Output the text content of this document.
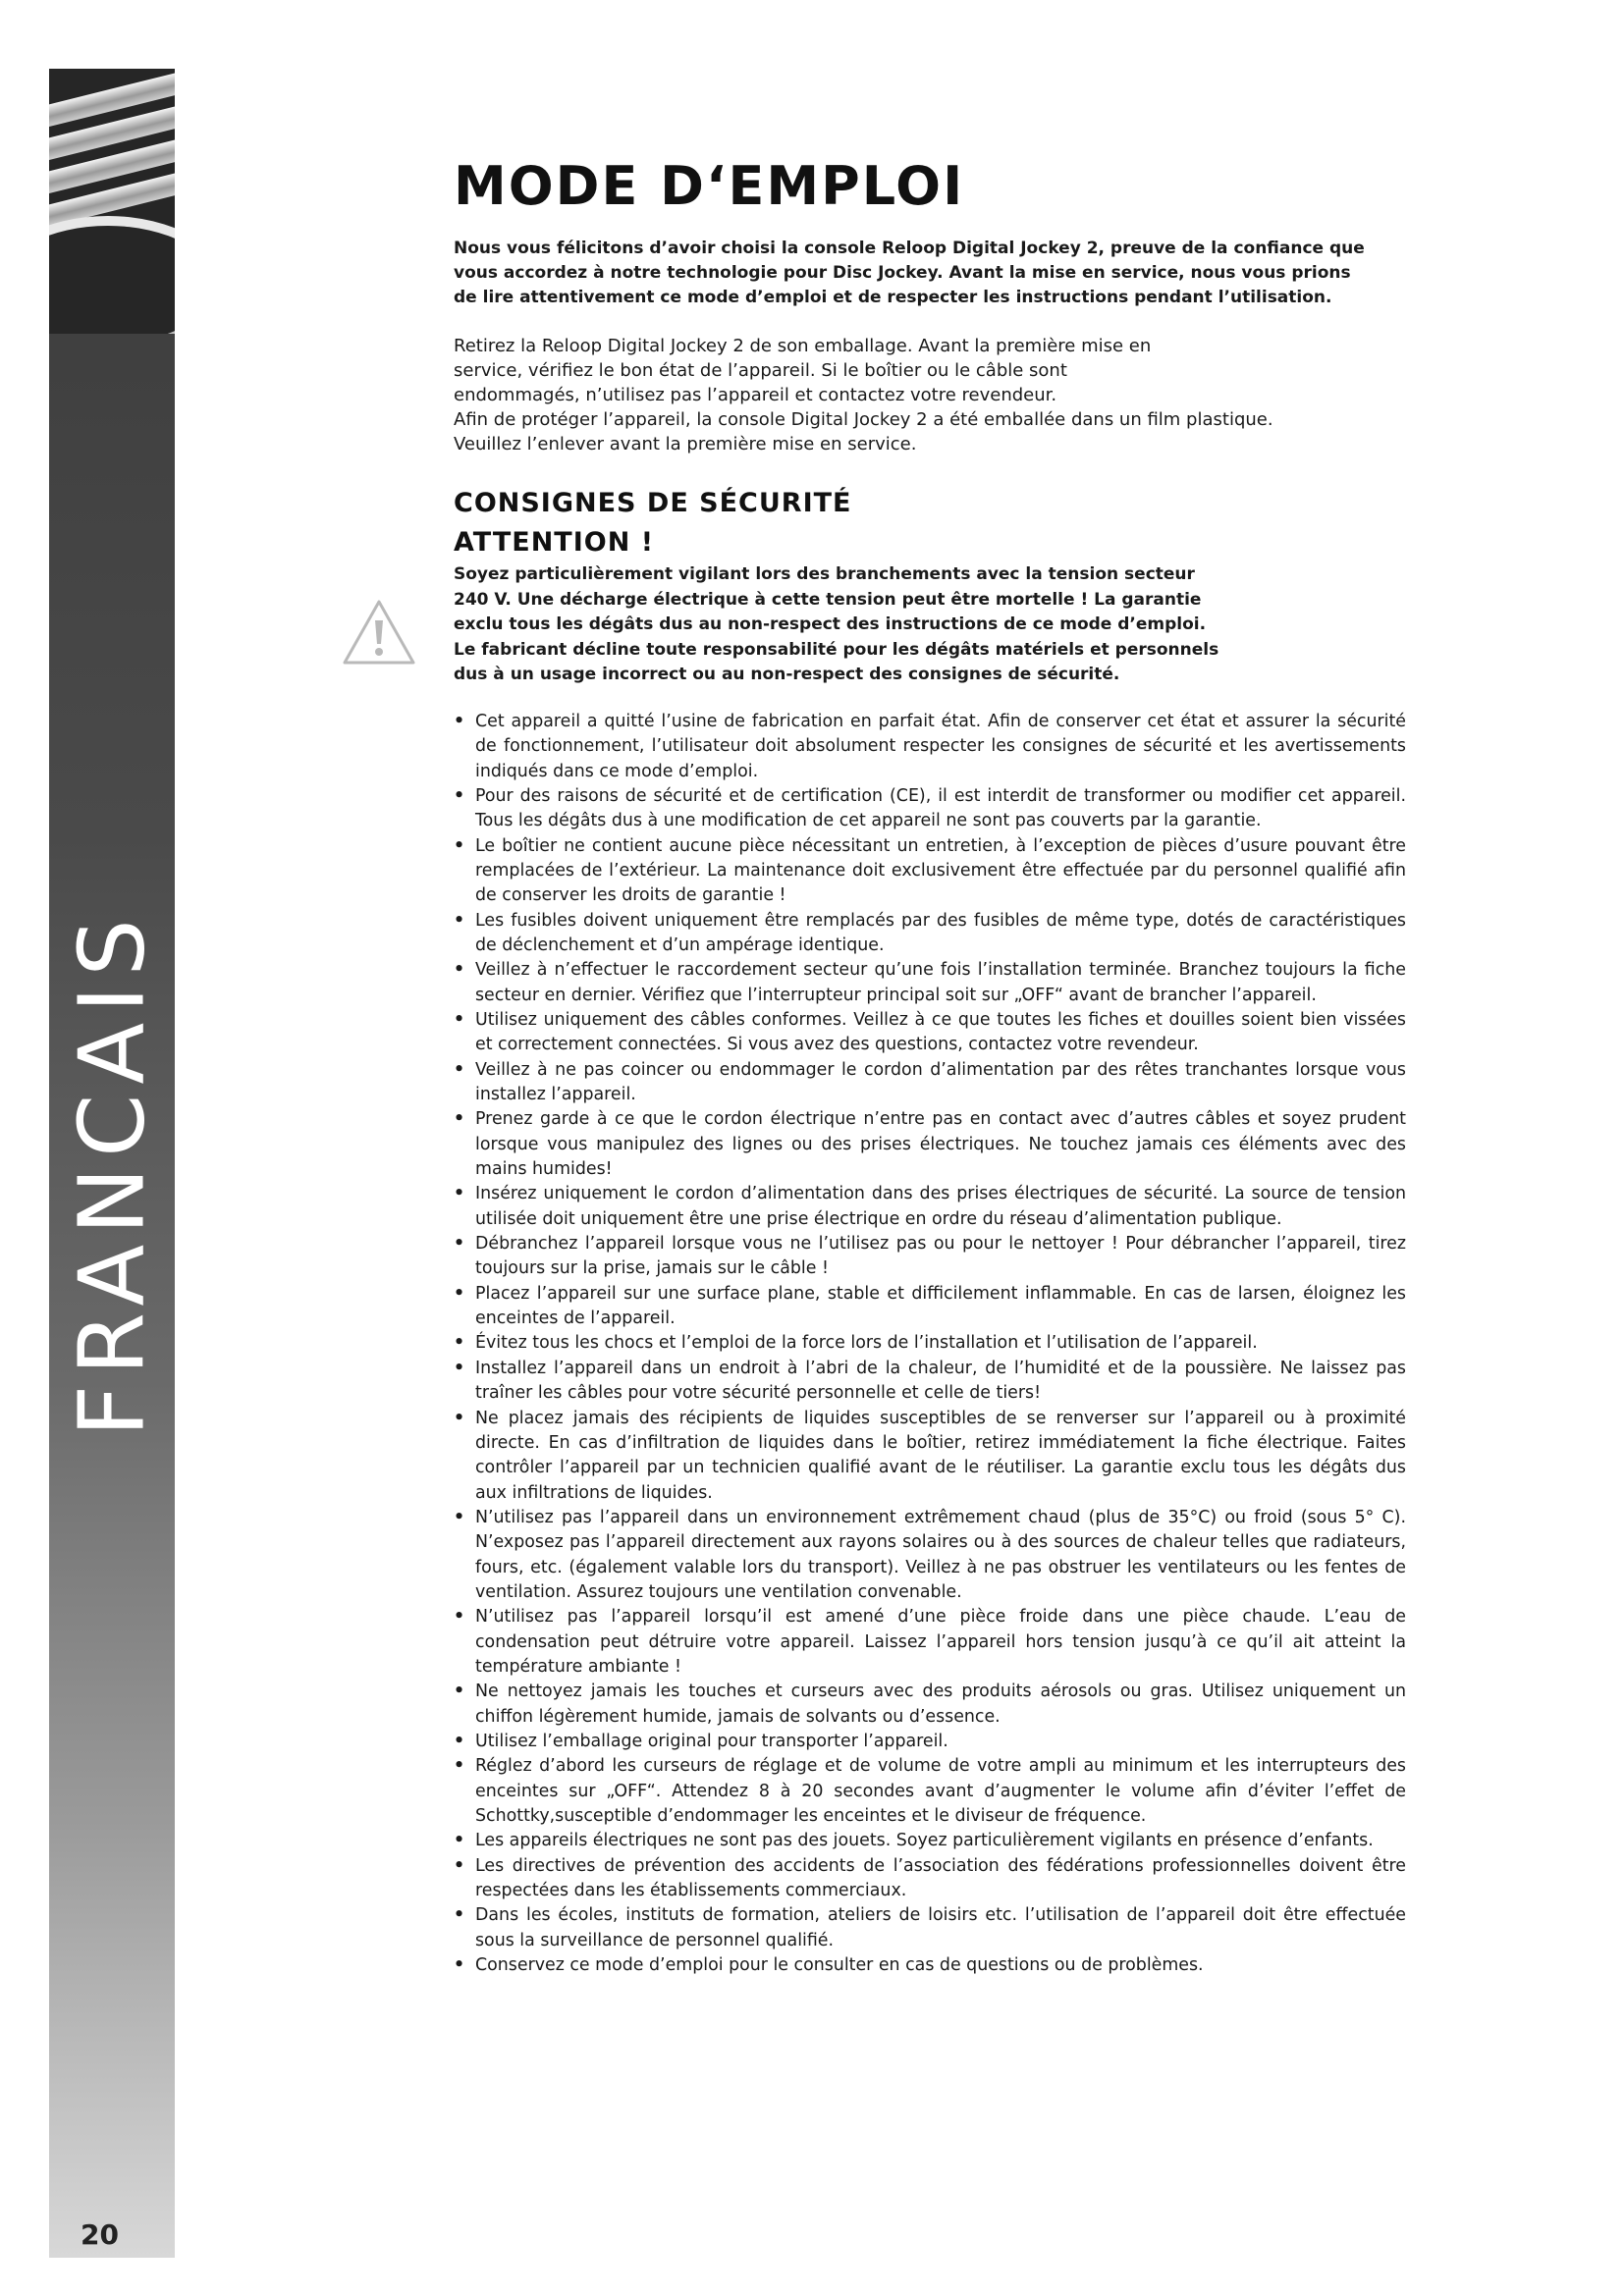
FRANCAIS
20
MODE D‘EMPLOI

Nous vous félicitons d’avoir choisi la console Reloop Digital Jockey 2, preuve de la confiance que vous accordez à notre technologie pour Disc Jockey. Avant la mise en service, nous vous prions de lire attentivement ce mode d’emploi et de respecter les instructions pendant l’utilisation.

Retirez la Reloop Digital Jockey 2 de son emballage. Avant la première mise en
service, vérifiez le bon état de l’appareil. Si le boîtier ou le câble sont
endommagés, n’utilisez pas l’appareil et contactez votre revendeur.
Afin de protéger l’appareil, la console Digital Jockey 2 a été emballée dans un film plastique.
Veuillez l’enlever avant la première mise en service.

CONSIGNES DE SÉCURITÉ
ATTENTION !

Soyez particulièrement vigilant lors des branchements avec la tension secteur 240 V. Une décharge électrique à cette tension peut être mortelle ! La garantie exclu tous les dégâts dus au non-respect des instructions de ce mode d’emploi. Le fabricant décline toute responsabilité pour les dégâts matériels et personnels dus à un usage incorrect ou au non-respect des consignes de sécurité.

• Cet appareil a quitté l’usine de fabrication en parfait état. Afin de conserver cet état et assurer la sécurité de fonctionnement, l’utilisateur doit absolument respecter les consignes de sécurité et les avertissements indiqués dans ce mode d’emploi.
• Pour des raisons de sécurité et de certification (CE), il est interdit de transformer ou modifier cet appareil. Tous les dégâts dus à une modification de cet appareil ne sont pas couverts par la garantie.
• Le boîtier ne contient aucune pièce nécessitant un entretien, à l’exception de pièces d’usure pouvant être remplacées de l’extérieur. La maintenance doit exclusivement être effectuée par du personnel qualifié afin de conserver les droits de garantie !
• Les fusibles doivent uniquement être remplacés par des fusibles de même type, dotés de caractéristiques de déclenchement et d’un ampérage identique.
• Veillez à n’effectuer le raccordement secteur qu’une fois l’installation terminée. Branchez toujours la fiche secteur en dernier. Vérifiez que l’interrupteur principal soit sur „OFF“ avant de brancher l’appareil.
• Utilisez uniquement des câbles conformes. Veillez à ce que toutes les fiches et douilles soient bien vissées et correctement connectées. Si vous avez des questions, contactez votre revendeur.
• Veillez à ne pas coincer ou endommager le cordon d’alimentation par des rêtes tranchantes lorsque vous installez l’appareil.
• Prenez garde à ce que le cordon électrique n’entre pas en contact avec d’autres câbles et soyez prudent lorsque vous manipulez des lignes ou des prises électriques. Ne touchez jamais ces éléments avec des mains humides!
• Insérez uniquement le cordon d’alimentation dans des prises électriques de sécurité. La source de tension utilisée doit uniquement être une prise électrique en ordre du réseau d’alimentation publique.
• Débranchez l’appareil lorsque vous ne l’utilisez pas ou pour le nettoyer ! Pour débrancher l’appareil, tirez toujours sur la prise, jamais sur le câble !
• Placez l’appareil sur une surface plane, stable et difficilement inflammable. En cas de larsen, éloignez les enceintes de l’appareil.
• Évitez tous les chocs et l’emploi de la force lors de l’installation et l’utilisation de l’appareil.
• Installez l’appareil dans un endroit à l’abri de la chaleur, de l’humidité et de la poussière. Ne laissez pas traîner les câbles pour votre sécurité personnelle et celle de tiers!
• Ne placez jamais des récipients de liquides susceptibles de se renverser sur l’appareil ou à proximité directe. En cas d’infiltration de liquides dans le boîtier, retirez immédiatement la fiche électrique. Faites contrôler l’appareil par un technicien qualifié avant de le réutiliser. La garantie exclu tous les dégâts dus aux infiltrations de liquides.
• N’utilisez pas l’appareil dans un environnement extrêmement chaud (plus de 35°C) ou froid (sous 5° C). N’exposez pas l’appareil directement aux rayons solaires ou à des sources de chaleur telles que radiateurs, fours, etc. (également valable lors du transport). Veillez à ne pas obstruer les ventilateurs ou les fentes de ventilation. Assurez toujours une ventilation convenable.
• N’utilisez pas l’appareil lorsqu’il est amené d’une pièce froide dans une pièce chaude. L’eau de condensation peut détruire votre appareil. Laissez l’appareil hors tension jusqu’à ce qu’il ait atteint la température ambiante !
• Ne nettoyez jamais les touches et curseurs avec des produits aérosols ou gras. Utilisez uniquement un chiffon légèrement humide, jamais de solvants ou d’essence.
• Utilisez l’emballage original pour transporter l’appareil.
• Réglez d’abord les curseurs de réglage et de volume de votre ampli au minimum et les interrupteurs des enceintes sur „OFF“. Attendez 8 à 20 secondes avant d’augmenter le volume afin d’éviter l’effet de Schottky,susceptible d’endommager les enceintes et le diviseur de fréquence.
• Les appareils électriques ne sont pas des jouets. Soyez particulièrement vigilants en présence d’enfants.
• Les directives de prévention des accidents de l’association des fédérations professionnelles doivent être respectées dans les établissements commerciaux.
• Dans les écoles, instituts de formation, ateliers de loisirs etc. l’utilisation de l’appareil doit être effectuée sous la surveillance de personnel qualifié.
• Conservez ce mode d’emploi pour le consulter en cas de questions ou de problèmes.
